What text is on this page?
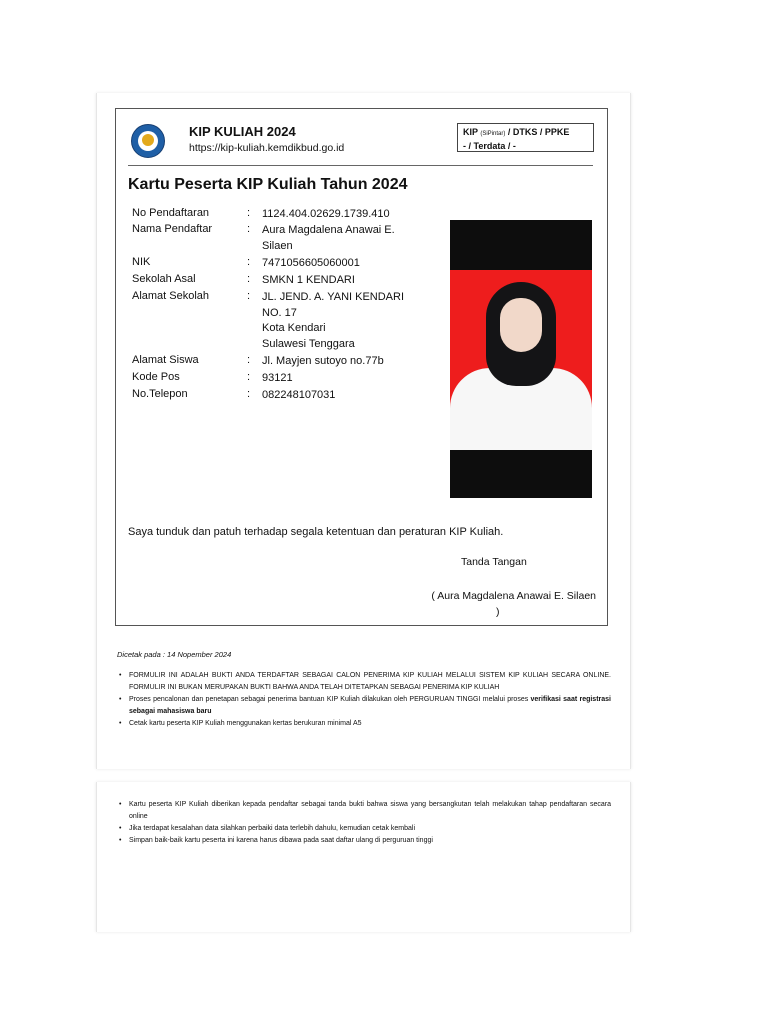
KIP KULIAH 2024
https://kip-kuliah.kemdikbud.go.id
KIP (SiPintar) / DTKS / PPKE
- / Terdata / -
Kartu Peserta KIP Kuliah Tahun 2024
No Pendaftaran	: 1124.404.02629.1739.410
Nama Pendaftar	: Aura Magdalena Anawai E. Silaen
NIK	: 7471056605060001
Sekolah Asal	: SMKN 1 KENDARI
Alamat Sekolah	: JL. JEND. A. YANI KENDARI
NO. 17
Kota Kendari
Sulawesi Tenggara
Alamat Siswa	: Jl. Mayjen sutoyo no.77b
Kode Pos	: 93121
No.Telepon	: 082248107031
Saya tunduk dan patuh terhadap segala ketentuan dan peraturan KIP Kuliah.
Tanda Tangan
( Aura Magdalena Anawai E. Silaen
)
Dicetak pada : 14 Nopember 2024
• FORMULIR INI ADALAH BUKTI ANDA TERDAFTAR SEBAGAI CALON PENERIMA KIP KULIAH MELALUI SISTEM KIP KULIAH SECARA ONLINE. FORMULIR INI BUKAN MERUPAKAN BUKTI BAHWA ANDA TELAH DITETAPKAN SEBAGAI PENERIMA KIP KULIAH
• Proses pencalonan dan penetapan sebagai penerima bantuan KIP Kuliah dilakukan oleh PERGURUAN TINGGI melalui proses verifikasi saat registrasi sebagai mahasiswa baru
• Cetak kartu peserta KIP Kuliah menggunakan kertas berukuran minimal A5
• Kartu peserta KIP Kuliah diberikan kepada pendaftar sebagai tanda bukti bahwa siswa yang bersangkutan telah melakukan tahap pendaftaran secara online
• Jika terdapat kesalahan data silahkan perbaiki data terlebih dahulu, kemudian cetak kembali
• Simpan baik-baik kartu peserta ini karena harus dibawa pada saat daftar ulang di perguruan tinggi
